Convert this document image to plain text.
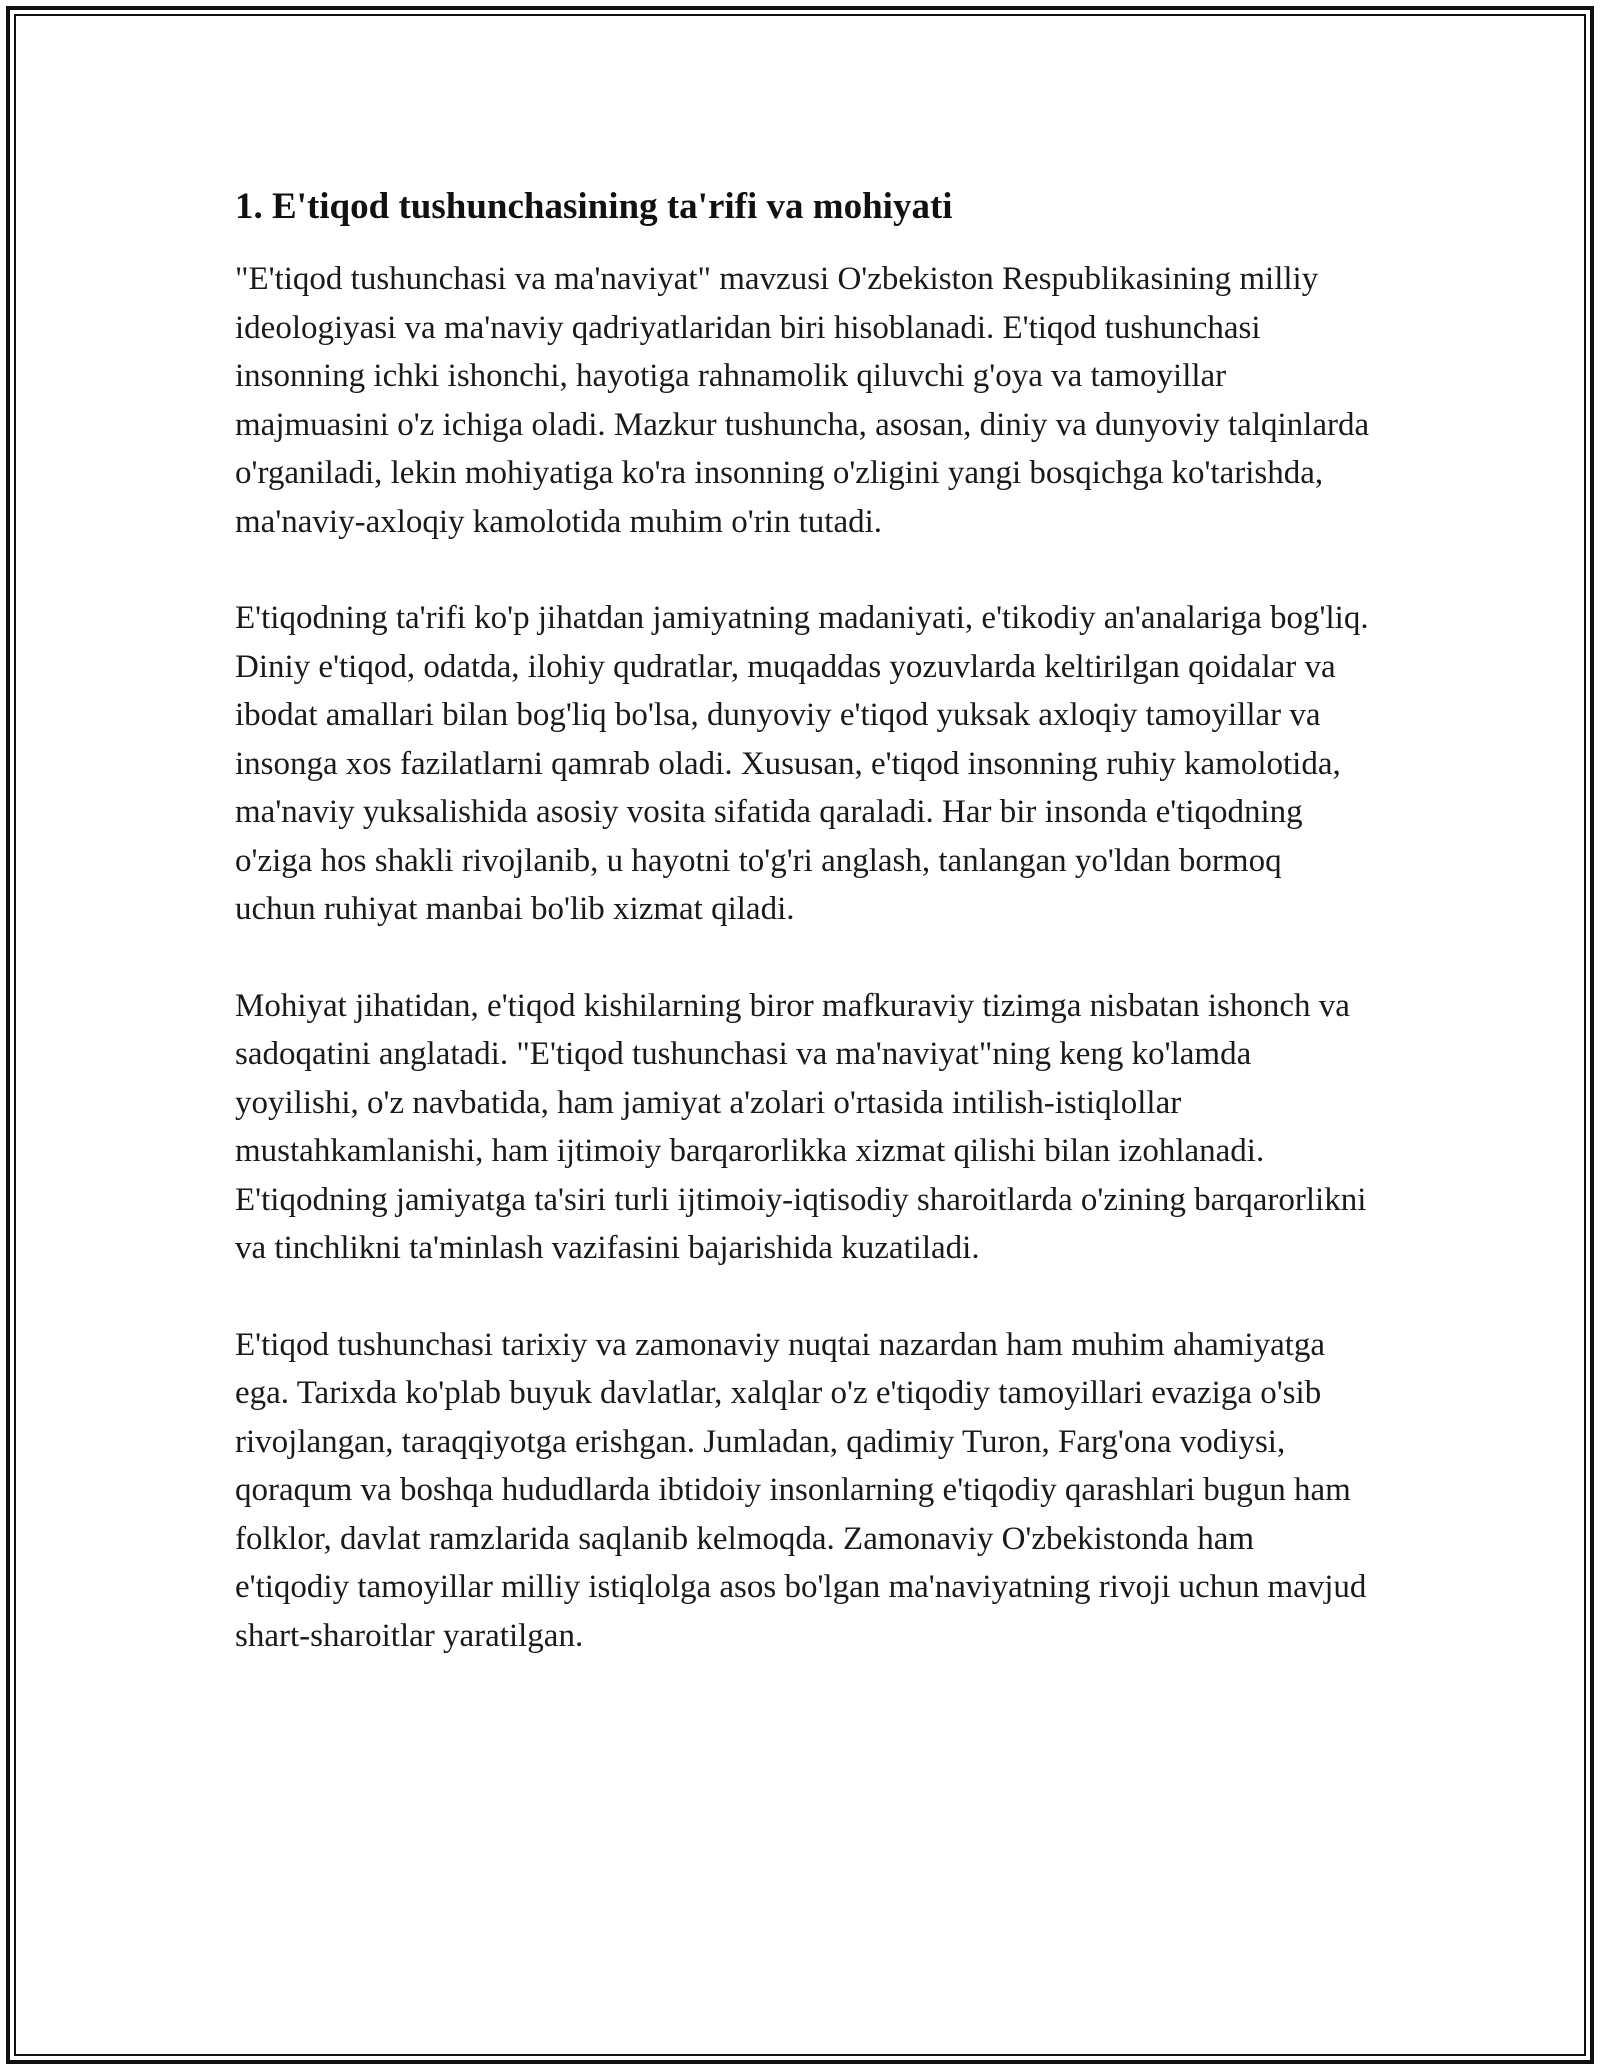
1. E'tiqod tushunchasining ta'rifi va mohiyati

"E'tiqod tushunchasi va ma'naviyat" mavzusi O'zbekiston Respublikasining milliy ideologiyasi va ma'naviy qadriyatlaridan biri hisoblanadi. E'tiqod tushunchasi insonning ichki ishonchi, hayotiga rahnamolik qiluvchi g'oya va tamoyillar majmuasini o'z ichiga oladi. Mazkur tushuncha, asosan, diniy va dunyoviy talqinlarda o'rganiladi, lekin mohiyatiga ko'ra insonning o'zligini yangi bosqichga ko'tarishda, ma'naviy-axloqiy kamolotida muhim o'rin tutadi.

E'tiqodning ta'rifi ko'p jihatdan jamiyatning madaniyati, e'tikodiy an'analariga bog'liq. Diniy e'tiqod, odatda, ilohiy qudratlar, muqaddas yozuvlarda keltirilgan qoidalar va ibodat amallari bilan bog'liq bo'lsa, dunyoviy e'tiqod yuksak axloqiy tamoyillar va insonga xos fazilatlarni qamrab oladi. Xususan, e'tiqod insonning ruhiy kamolotida, ma'naviy yuksalishida asosiy vosita sifatida qaraladi. Har bir insonda e'tiqodning o'ziga hos shakli rivojlanib, u hayotni to'g'ri anglash, tanlangan yo'ldan bormoq uchun ruhiyat manbai bo'lib xizmat qiladi.

Mohiyat jihatidan, e'tiqod kishilarning biror mafkuraviy tizimga nisbatan ishonch va sadoqatini anglatadi. "E'tiqod tushunchasi va ma'naviyat"ning keng ko'lamda yoyilishi, o'z navbatida, ham jamiyat a'zolari o'rtasida intilish-istiqlollar mustahkamlanishi, ham ijtimoiy barqarorlikka xizmat qilishi bilan izohlanadi. E'tiqodning jamiyatga ta'siri turli ijtimoiy-iqtisodiy sharoitlarda o'zining barqarorlikni va tinchlikni ta'minlash vazifasini bajarishida kuzatiladi.

E'tiqod tushunchasi tarixiy va zamonaviy nuqtai nazardan ham muhim ahamiyatga ega. Tarixda ko'plab buyuk davlatlar, xalqlar o'z e'tiqodiy tamoyillari evaziga o'sib rivojlangan, taraqqiyotga erishgan. Jumladan, qadimiy Turon, Farg'ona vodiysi, qoraqum va boshqa hududlarda ibtidoiy insonlarning e'tiqodiy qarashlari bugun ham folklor, davlat ramzlarida saqlanib kelmoqda. Zamonaviy O'zbekistonda ham e'tiqodiy tamoyillar milliy istiqlolga asos bo'lgan ma'naviyatning rivoji uchun mavjud shart-sharoitlar yaratilgan.
